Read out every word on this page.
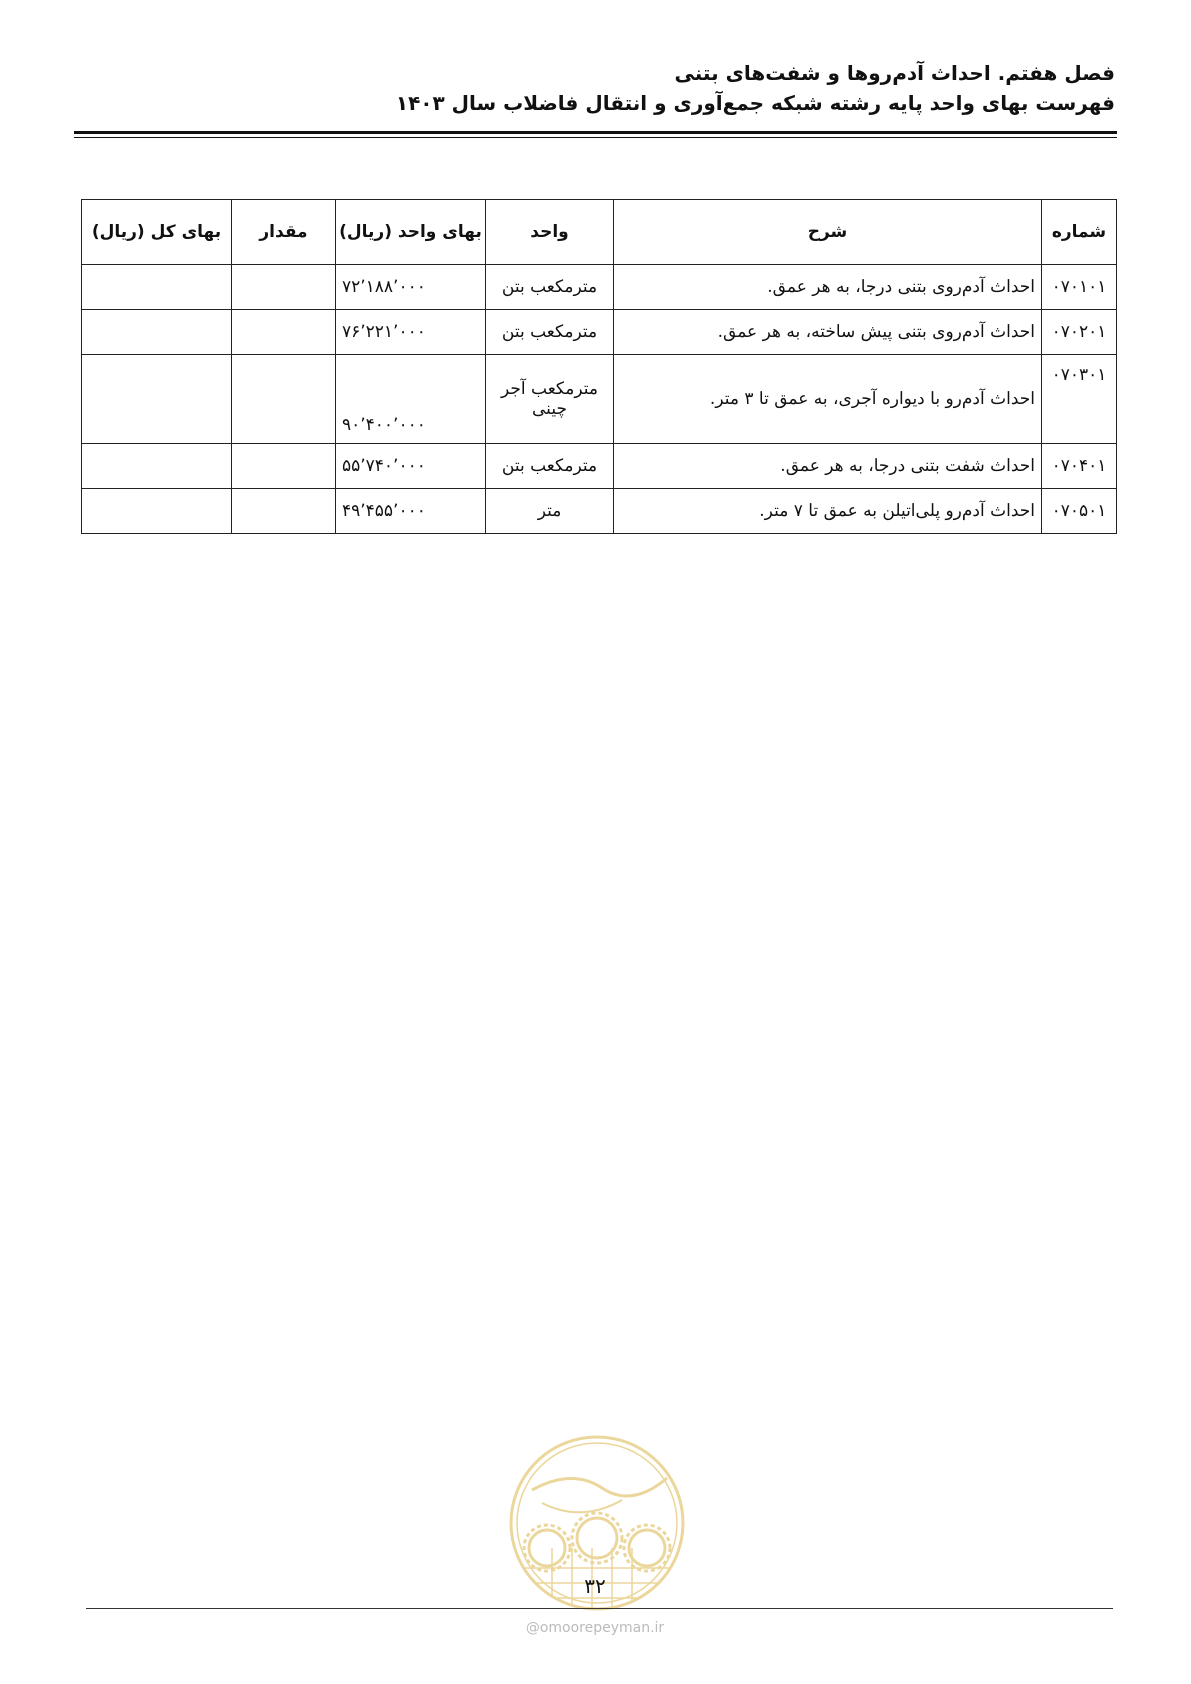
فصل هفتم. احداث آدم‌روها و شفت‌های بتنی
فهرست بهای واحد پایه رشته شبکه جمع‌آوری و انتقال فاضلاب سال ۱۴۰۳
شماره	شرح	واحد	بهای واحد (ریال)	مقدار	بهای کل (ریال)
۰۷۰۱۰۱	احداث آدم‌روی بتنی درجا، به هر عمق.	مترمکعب بتن	۷۲٬۱۸۸٬۰۰۰		
۰۷۰۲۰۱	احداث آدم‌روی بتنی پیش ساخته، به هر عمق.	مترمکعب بتن	۷۶٬۲۲۱٬۰۰۰		
۰۷۰۳۰۱	احداث آدم‌رو با دیواره آجری، به عمق تا ۳ متر.	مترمکعب آجر چینی	۹۰٬۴۰۰٬۰۰۰		
۰۷۰۴۰۱	احداث شفت بتنی درجا، به هر عمق.	مترمکعب بتن	۵۵٬۷۴۰٬۰۰۰		
۰۷۰۵۰۱	احداث آدم‌رو پلی‌اتیلن به عمق تا ۷ متر.	متر	۴۹٬۴۵۵٬۰۰۰		
۳۲
@omoorepeyman.ir
